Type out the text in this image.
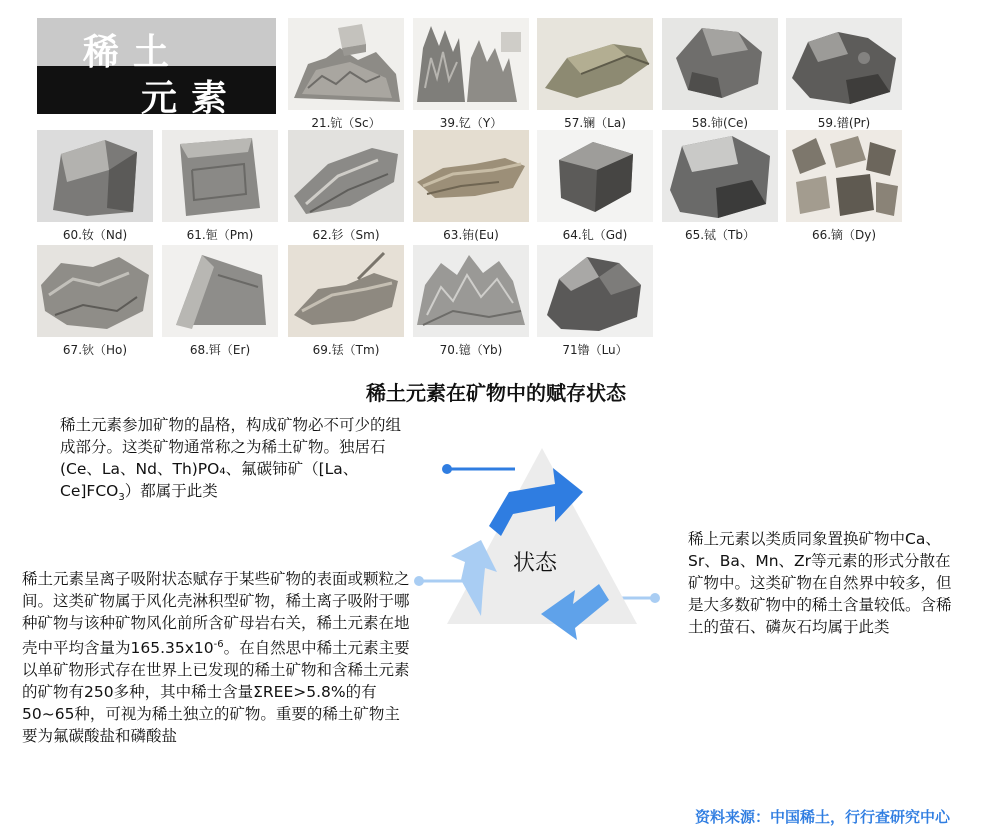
稀土
元素
21.钪（Sc）	39.钇（Y）	57.镧（La)	58.铈(Ce)	59.镨(Pr)
60.钕（Nd)	61.钷（Pm)	62.钐（Sm)	63.铕(Eu)	64.钆（Gd)	65.铽（Tb）	66.镝（Dy)
67.钬（Ho)	68.铒（Er)	69.铥（Tm)	70.镱（Yb)	71镥（Lu）
稀土元素在矿物中的赋存状态
稀土元素参加矿物的晶格，构成矿物必不可少的组成部分。这类矿物通常称之为稀土矿物。独居石(Ce、La、Nd、Th)PO₄、氟碳铈矿（[La、$Ce]FCO_3$）都属于此类
稀土元素呈离子吸附状态赋存于某些矿物的表面或颗粒之间。这类矿物属于风化壳淋积型矿物，稀土离子吸附于哪种矿物与该种矿物风化前所含矿母岩右关，稀土元素在地壳中平均含量为$165.35x10^{-6}$。在自然思中稀土元素主要以单矿物形式存在世界上已发现的稀土矿物和含稀土元素的矿物有250多种，其中稀士含量ΣREE>5.8%的有50~65种，可视为稀土独立的矿物。重要的稀土矿物主要为氟碳酸盐和磷酸盐
稀上元素以类质同象置换矿物中Ca、Sr、Ba、Mn、Zr等元素的形式分散在矿物中。这类矿物在自然界中较多，但是大多数矿物中的稀土含量较低。含稀土的萤石、磷灰石均属于此类
状态
资料来源：中国稀土，行行查研究中心
